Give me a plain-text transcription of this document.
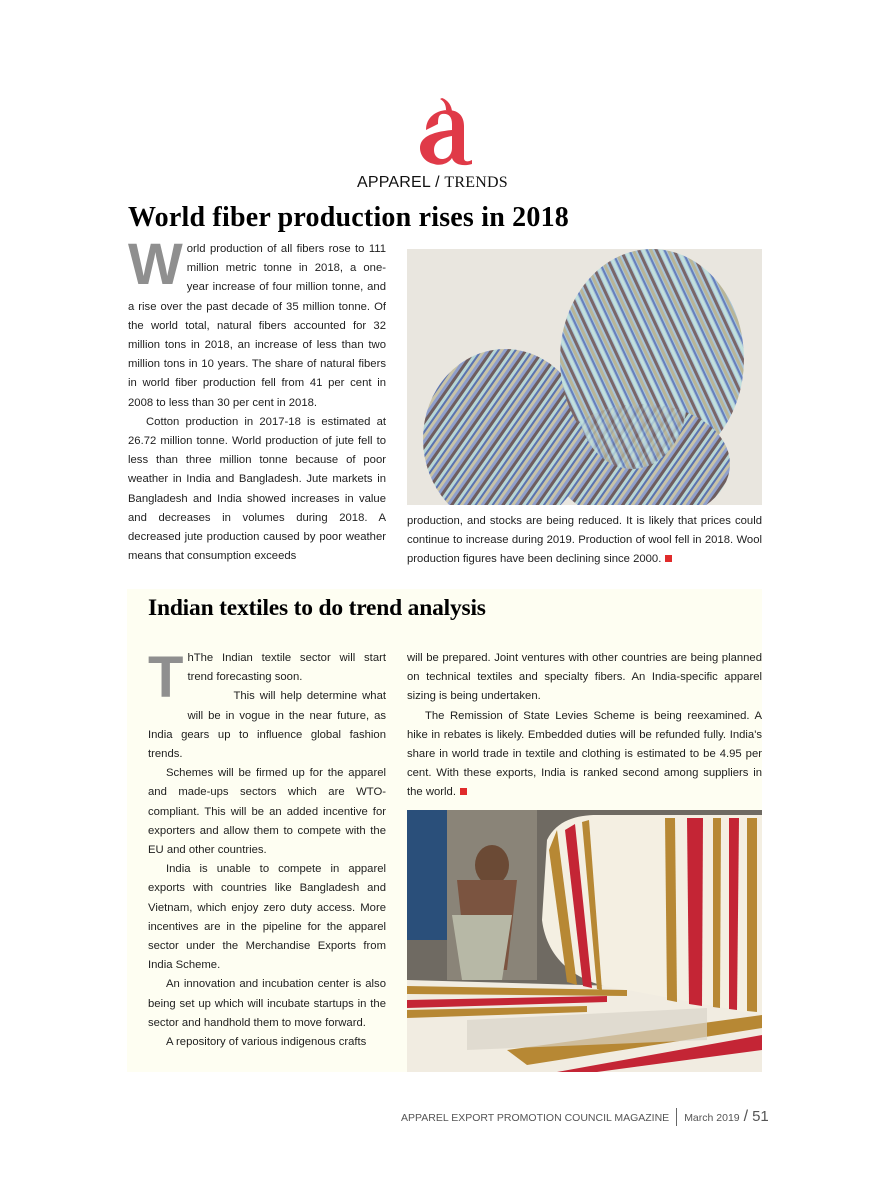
APPAREL / TRENDS
World fiber production rises in 2018

World production of all fibers rose to 111 million metric tonne in 2018, a one- year increase of four million tonne, and a rise over the past decade of 35 million tonne. Of the world total, natural fibers accounted for 32 million tons in 2018, an increase of less than two million tons in 10 years. The share of natural fibers in world fiber production fell from 41 per cent in 2008 to less than 30 per cent in 2018.

Cotton production in 2017-18 is estimated at 26.72 million tonne. World production of jute fell to less than three million tonne because of poor weather in India and Bangladesh. Jute markets in Bangladesh and India showed increases in value and decreases in volumes during 2018. A decreased jute production caused by poor weather means that consumption exceeds

production, and stocks are being reduced. It is likely that prices could continue to increase during 2019. Production of wool fell in 2018. Wool production figures have been declining since 2000.

Indian textiles to do trend analysis

ThThe Indian textile sector will start trend forecasting soon.

This will help determine what will be in vogue in the near future, as India gears up to influence global fashion trends.

Schemes will be firmed up for the apparel and made-ups sectors which are WTO-compliant. This will be an added incentive for exporters and allow them to compete with the EU and other countries.

India is unable to compete in apparel exports with countries like Bangladesh and Vietnam, which enjoy zero duty access. More incentives are in the pipeline for the apparel sector under the Merchandise Exports from India Scheme.

An innovation and incubation center is also being set up which will incubate startups in the sector and handhold them to move forward.

A repository of various indigenous crafts

will be prepared. Joint ventures with other countries are being planned on technical textiles and specialty fibers. An India-specific apparel sizing is being undertaken.

The Remission of State Levies Scheme is being reexamined. A hike in rebates is likely. Embedded duties will be refunded fully. India's share in world trade in textile and clothing is estimated to be 4.95 per cent. With these exports, India is ranked second among suppliers in the world.

APPAREL EXPORT PROMOTION COUNCIL MAGAZINE March 2019 / 51
